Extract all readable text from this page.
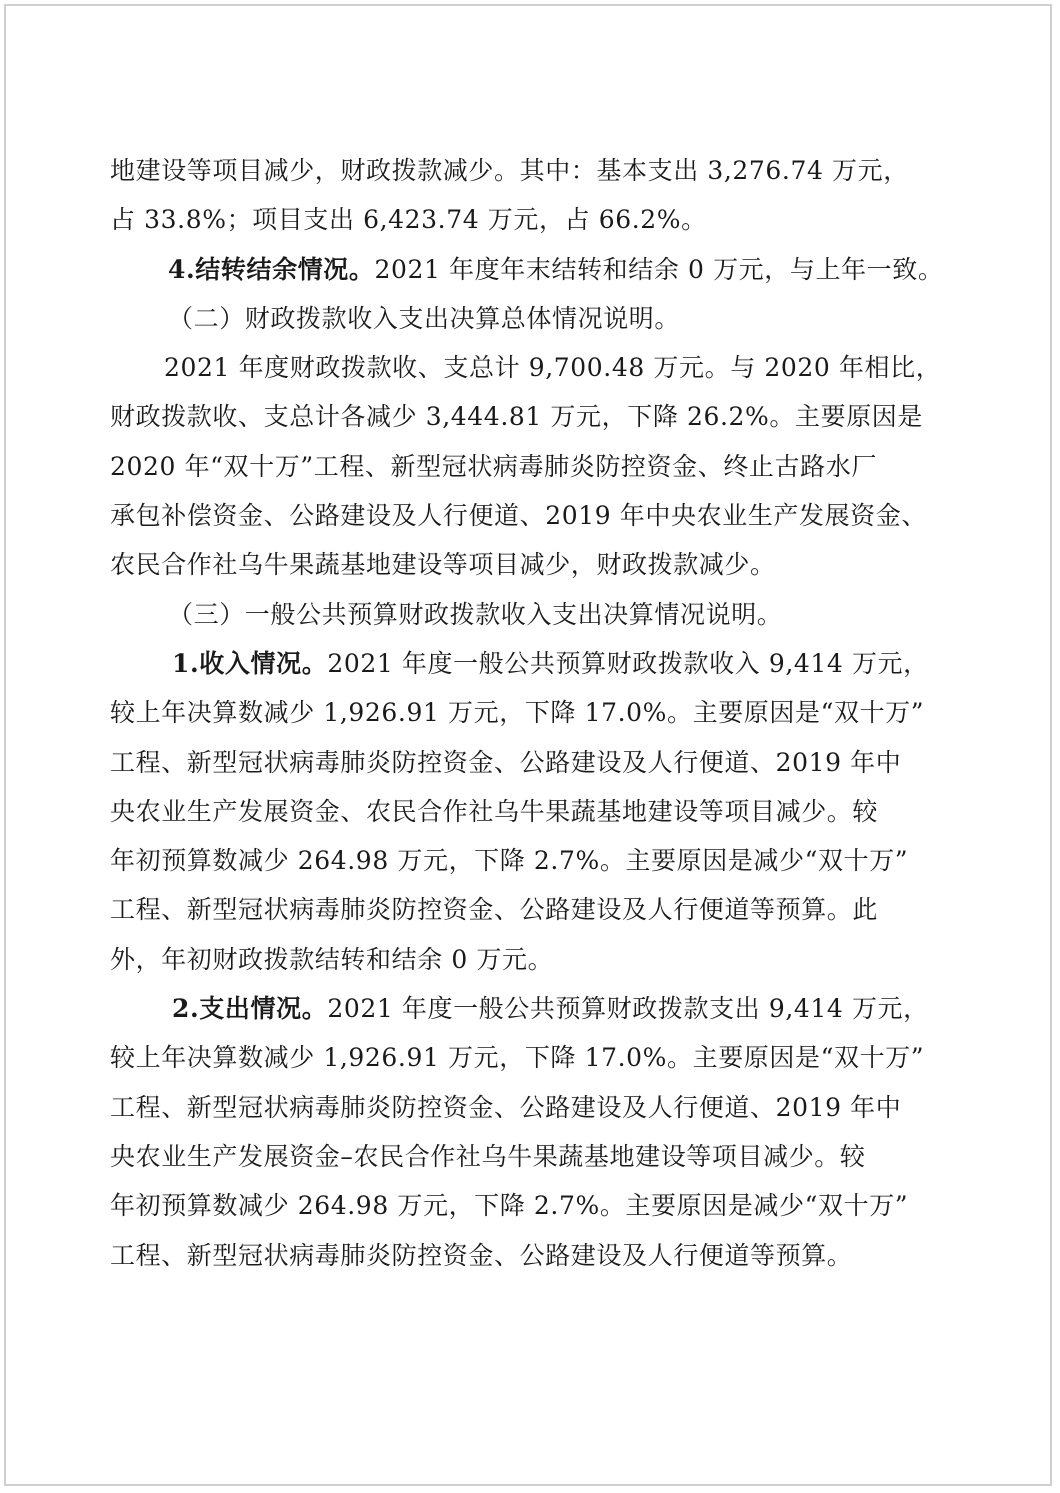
地建设等项目减少，财政拨款减少。其中：基本支出 3,276.74 万元，
占 33.8%；项目支出 6,423.74 万元，占 66.2%。
4.结转结余情况。2021 年度年末结转和结余 0 万元，与上年一致。
（二）财政拨款收入支出决算总体情况说明。
2021 年度财政拨款收、支总计 9,700.48 万元。与 2020 年相比，
财政拨款收、支总计各减少 3,444.81 万元，下降 26.2%。主要原因是
2020 年“双十万”工程、新型冠状病毒肺炎防控资金、终止古路水厂
承包补偿资金、公路建设及人行便道、2019 年中央农业生产发展资金、
农民合作社乌牛果蔬基地建设等项目减少，财政拨款减少。
（三）一般公共预算财政拨款收入支出决算情况说明。
1.收入情况。2021 年度一般公共预算财政拨款收入 9,414 万元，
较上年决算数减少 1,926.91 万元，下降 17.0%。主要原因是“双十万”
工程、新型冠状病毒肺炎防控资金、公路建设及人行便道、2019 年中
央农业生产发展资金、农民合作社乌牛果蔬基地建设等项目减少。较
年初预算数减少 264.98 万元，下降 2.7%。主要原因是减少“双十万”
工程、新型冠状病毒肺炎防控资金、公路建设及人行便道等预算。此
外，年初财政拨款结转和结余 0 万元。
2.支出情况。2021 年度一般公共预算财政拨款支出 9,414 万元，
较上年决算数减少 1,926.91 万元，下降 17.0%。主要原因是“双十万”
工程、新型冠状病毒肺炎防控资金、公路建设及人行便道、2019 年中
央农业生产发展资金–农民合作社乌牛果蔬基地建设等项目减少。较
年初预算数减少 264.98 万元，下降 2.7%。主要原因是减少“双十万”
工程、新型冠状病毒肺炎防控资金、公路建设及人行便道等预算。
